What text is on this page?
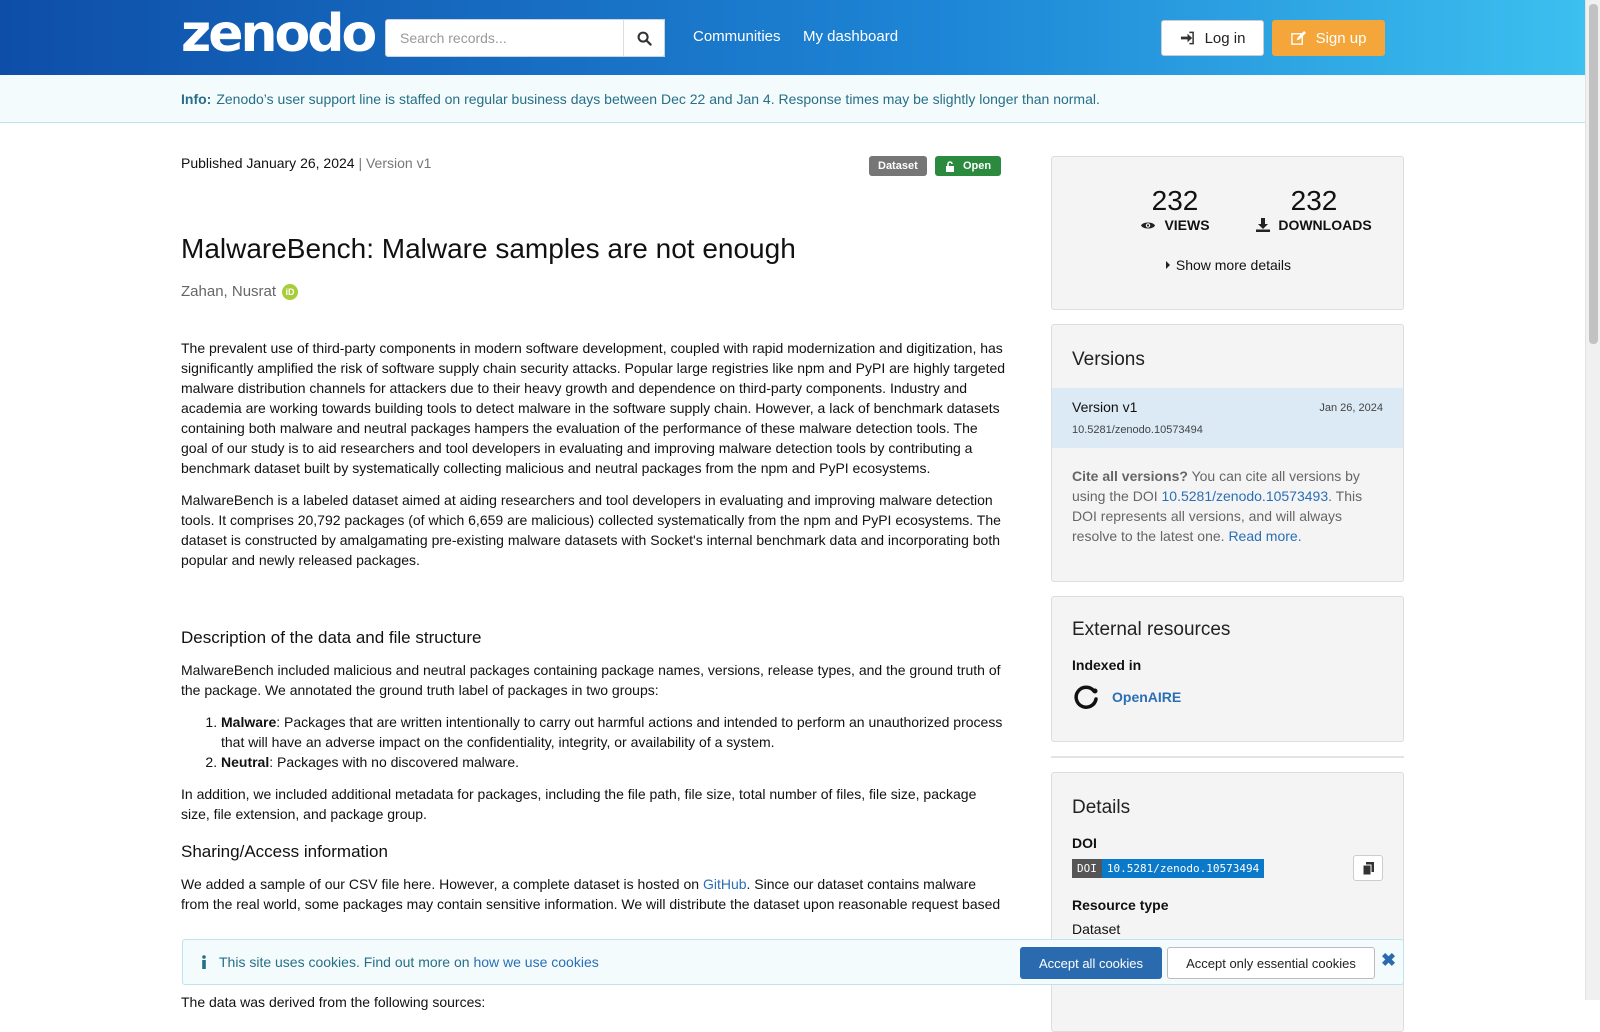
zenodo	Search records...	Communities My dashboard	Log in	Sign up
Info: Zenodo’s user support line is staffed on regular business days between Dec 22 and Jan 4. Response times may be slightly longer than normal.
Published January 26, 2024 | Version v1	Dataset	Open
MalwareBench: Malware samples are not enough
Zahan, Nusrat	iD

The prevalent use of third-party components in modern software development, coupled with rapid modernization and digitization, has significantly amplified the risk of software supply chain security attacks. Popular large registries like npm and PyPI are highly targeted malware distribution channels for attackers due to their heavy growth and dependence on third-party components. Industry and academia are working towards building tools to detect malware in the software supply chain. However, a lack of benchmark datasets containing both malware and neutral packages hampers the evaluation of the performance of these malware detection tools. The goal of our study is to aid researchers and tool developers in evaluating and improving malware detection tools by contributing a benchmark dataset built by systematically collecting malicious and neutral packages from the npm and PyPI ecosystems.

MalwareBench is a labeled dataset aimed at aiding researchers and tool developers in evaluating and improving malware detection tools. It comprises 20,792 packages (of which 6,659 are malicious) collected systematically from the npm and PyPI ecosystems. The dataset is constructed by amalgamating pre-existing malware datasets with Socket's internal benchmark data and incorporating both popular and newly released packages.

Description of the data and file structure

MalwareBench included malicious and neutral packages containing package names, versions, release types, and the ground truth of the package. We annotated the ground truth label of packages in two groups:

1. Malware: Packages that are written intentionally to carry out harmful actions and intended to perform an unauthorized process that will have an adverse impact on the confidentiality, integrity, or availability of a system.
2. Neutral: Packages with no discovered malware.

In addition, we included additional metadata for packages, including the file path, file size, total number of files, file size, package size, file extension, and package group.

Sharing/Access information

We added a sample of our CSV file here. However, a complete dataset is hosted on GitHub. Since our dataset contains malware from the real world, some packages may contain sensitive information. We will distribute the dataset upon reasonable request based

The data was derived from the following sources:
232
VIEWS
232
DOWNLOADS
Show more details
Versions
Version v1
10.5281/zenodo.10573494
Jan 26, 2024
Cite all versions? You can cite all versions by using the DOI 10.5281/zenodo.10573493. This DOI represents all versions, and will always resolve to the latest one. Read more.
External resources
Indexed in
OpenAIRE
Details
DOI
DOI 10.5281/zenodo.10573494
Resource type
Dataset
This site uses cookies. Find out more on how we use cookies	Accept all cookies	Accept only essential cookies	✖
